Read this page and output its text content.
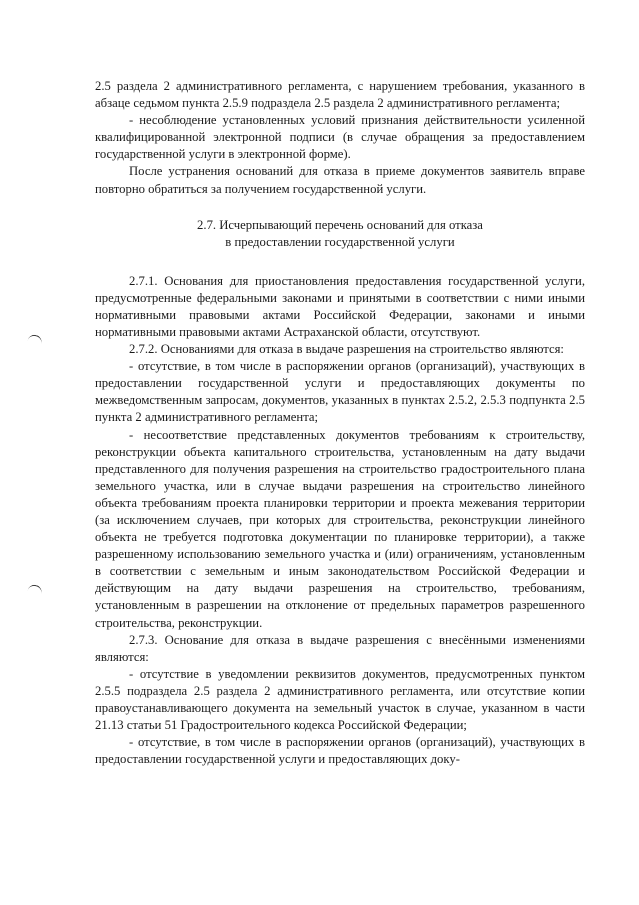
2.5 раздела 2 административного регламента, с нарушением требования, указанного в абзаце седьмом пункта 2.5.9 подраздела 2.5 раздела 2 административного регламента;

- несоблюдение установленных условий признания действительности усиленной квалифицированной электронной подписи (в случае обращения за предоставлением государственной услуги в электронной форме).

После устранения оснований для отказа в приеме документов заявитель вправе повторно обратиться за получением государственной услуги.

2.7. Исчерпывающий перечень оснований для отказа
в предоставлении государственной услуги

2.7.1. Основания для приостановления предоставления государственной услуги, предусмотренные федеральными законами и принятыми в соответствии с ними иными нормативными правовыми актами Российской Федерации, законами и иными нормативными правовыми актами Астраханской области, отсутствуют.

2.7.2. Основаниями для отказа в выдаче разрешения на строительство являются:

- отсутствие, в том числе в распоряжении органов (организаций), участвующих в предоставлении государственной услуги и предоставляющих документы по межведомственным запросам, документов, указанных в пунктах 2.5.2, 2.5.3 подпункта 2.5 пункта 2 административного регламента;

- несоответствие представленных документов требованиям к строительству, реконструкции объекта капитального строительства, установленным на дату выдачи представленного для получения разрешения на строительство градостроительного плана земельного участка, или в случае выдачи разрешения на строительство линейного объекта требованиям проекта планировки территории и проекта межевания территории (за исключением случаев, при которых для строительства, реконструкции линейного объекта не требуется подготовка документации по планировке территории), а также разрешенному использованию земельного участка и (или) ограничениям, установленным в соответствии с земельным и иным законодательством Российской Федерации и действующим на дату выдачи разрешения на строительство, требованиям, установленным в разрешении на отклонение от предельных параметров разрешенного строительства, реконструкции.

2.7.3. Основание для отказа в выдаче разрешения с внесёнными изменениями являются:

- отсутствие в уведомлении реквизитов документов, предусмотренных пунктом 2.5.5 подраздела 2.5 раздела 2 административного регламента, или отсутствие копии правоустанавливающего документа на земельный участок в случае, указанном в части 21.13 статьи 51 Градостроительного кодекса Российской Федерации;

- отсутствие, в том числе в распоряжении органов (организаций), участвующих в предоставлении государственной услуги и предоставляющих доку-
